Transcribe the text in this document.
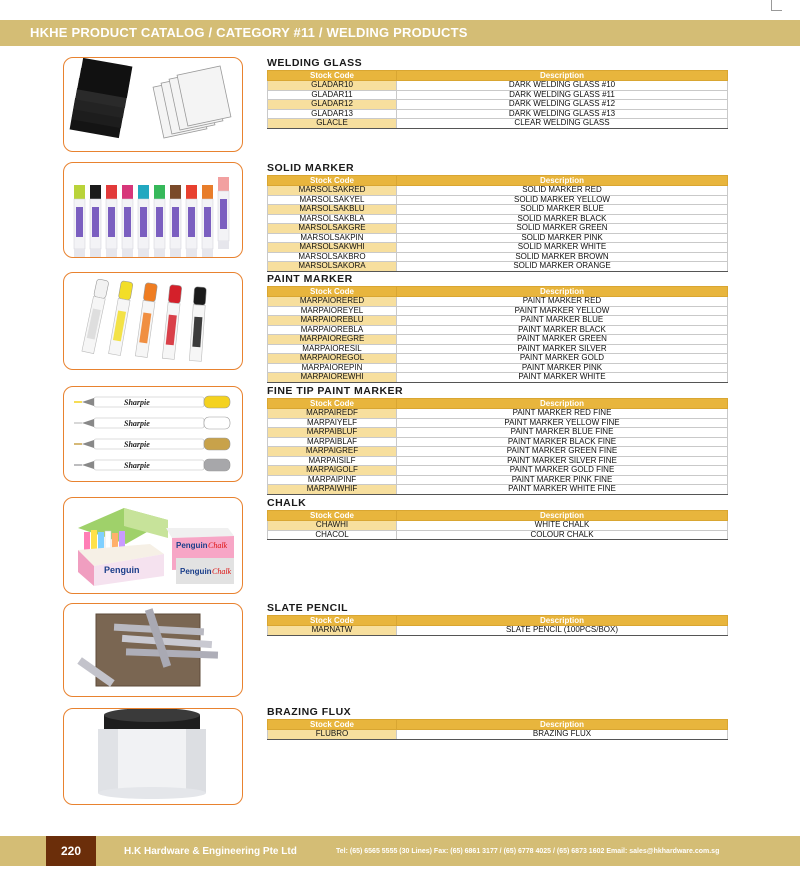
HKHE PRODUCT CATALOG / CATEGORY #11 / WELDING PRODUCTS
Sharpie
Sharpie
Sharpie
Sharpie
Penguin
Penguin Chalk
Penguin Chalk
WELDING GLASS
Stock Code	Description
GLADAR10	DARK WELDING GLASS #10
GLADAR11	DARK WELDING GLASS #11
GLADAR12	DARK WELDING GLASS #12
GLADAR13	DARK WELDING GLASS #13
GLACLE	CLEAR WELDING GLASS
SOLID MARKER
Stock Code	Description
MARSOLSAKRED	SOLID MARKER RED
MARSOLSAKYEL	SOLID MARKER YELLOW
MARSOLSAKBLU	SOLID MARKER BLUE
MARSOLSAKBLA	SOLID MARKER BLACK
MARSOLSAKGRE	SOLID MARKER GREEN
MARSOLSAKPIN	SOLID MARKER PINK
MARSOLSAKWHI	SOLID MARKER WHITE
MARSOLSAKBRO	SOLID MARKER BROWN
MARSOLSAKORA	SOLID MARKER ORANGE
PAINT MARKER
Stock Code	Description
MARPAIORERED	PAINT MARKER RED
MARPAIOREYEL	PAINT MARKER YELLOW
MARPAIOREBLU	PAINT MARKER BLUE
MARPAIOREBLA	PAINT MARKER BLACK
MARPAIOREGRE	PAINT MARKER GREEN
MARPAIORESIL	PAINT MARKER SILVER
MARPAIOREGOL	PAINT MARKER GOLD
MARPAIOREPIN	PAINT MARKER PINK
MARPAIOREWHI	PAINT MARKER WHITE
FINE TIP PAINT MARKER
Stock Code	Description
MARPAIREDF	PAINT MARKER RED FINE
MARPAIYELF	PAINT MARKER YELLOW FINE
MARPAIBLUF	PAINT MARKER BLUE FINE
MARPAIBLAF	PAINT MARKER BLACK FINE
MARPAIGREF	PAINT MARKER GREEN FINE
MARPAISILF	PAINT MARKER SILVER FINE
MARPAIGOLF	PAINT MARKER GOLD FINE
MARPAIPINF	PAINT MARKER PINK FINE
MARPAIWHIF	PAINT MARKER WHITE FINE
CHALK
Stock Code	Description
CHAWHI	WHITE CHALK
CHACOL	COLOUR CHALK
SLATE PENCIL
Stock Code	Description
MARNATW	SLATE PENCIL (100PCS/BOX)
BRAZING FLUX
Stock Code	Description
FLUBRO	BRAZING FLUX
220	H.K Hardware & Engineering Pte Ltd	Tel: (65) 6565 5555 (30 Lines) Fax: (65) 6861 3177 / (65) 6778 4025 / (65) 6873 1602 Email: sales@hkhardware.com.sg
